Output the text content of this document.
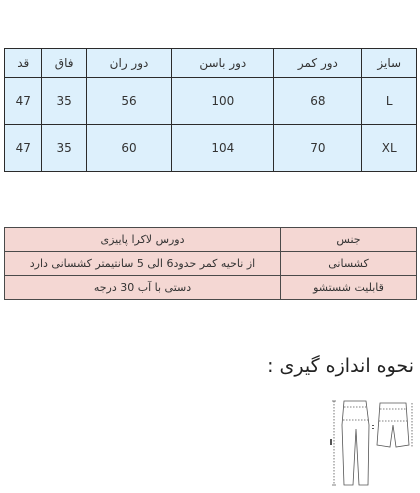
سایز	دور کمر	دور باسن	دور ران	فاق	قد
L	68	100	56	35	47
XL	70	104	60	35	47
جنس	دورس لاکرا پاییزی
کشسانی	از ناحیه کمر حدود6 الی 5 سانتیمتر کشسانی دارد
قابلیت شستشو	دستی با آب 30 درجه
نحوه اندازه گیری :
